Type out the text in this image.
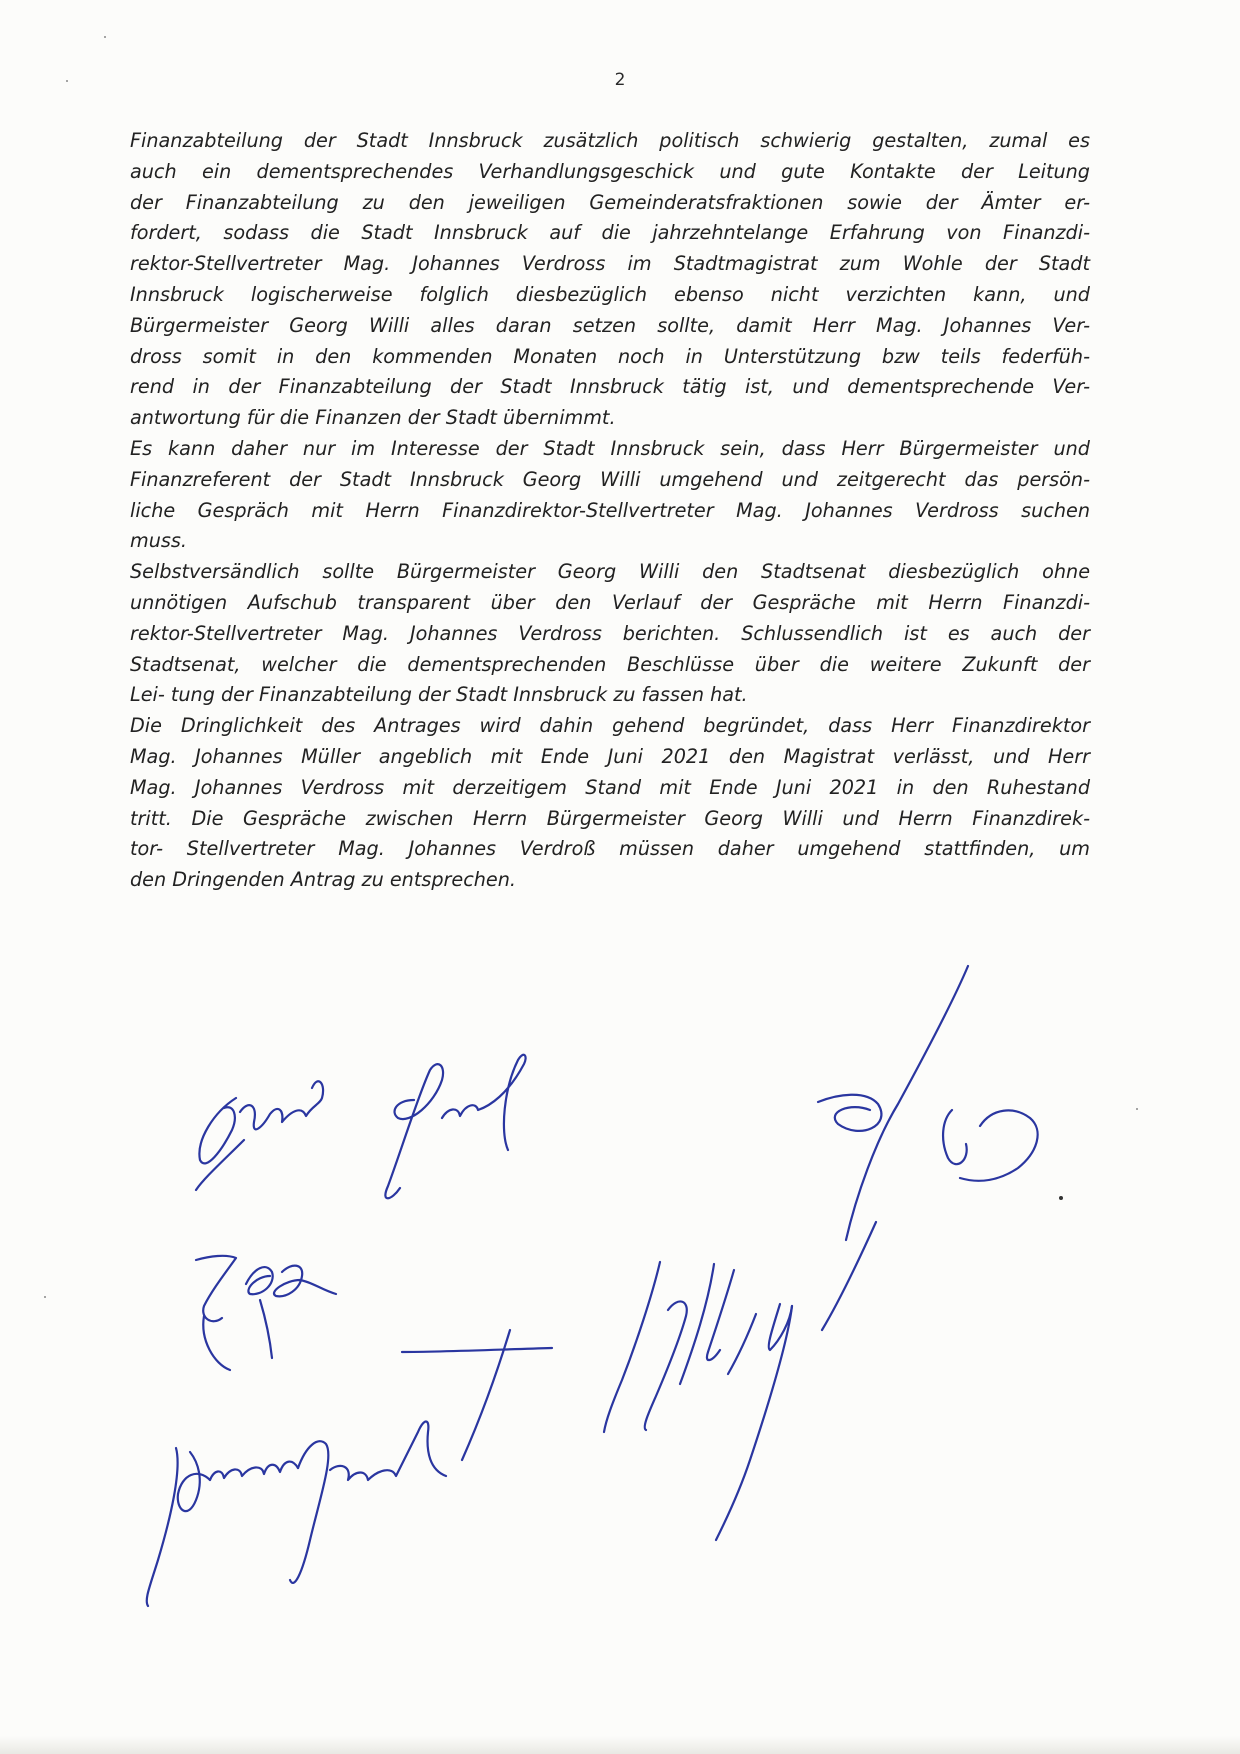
2
Finanzabteilung der Stadt Innsbruck zusätzlich politisch schwierig gestalten, zumal es
auch ein dementsprechendes Verhandlungsgeschick und gute Kontakte der Leitung
der Finanzabteilung zu den jeweiligen Gemeinderatsfraktionen sowie der Ämter er-
fordert, sodass die Stadt Innsbruck auf die jahrzehntelange Erfahrung von Finanzdi-
rektor-Stellvertreter Mag. Johannes Verdross im Stadtmagistrat zum Wohle der Stadt
Innsbruck logischerweise folglich diesbezüglich ebenso nicht verzichten kann, und
Bürgermeister Georg Willi alles daran setzen sollte, damit Herr Mag. Johannes Ver-
dross somit in den kommenden Monaten noch in Unterstützung bzw teils federfüh-
rend in der Finanzabteilung der Stadt Innsbruck tätig ist, und dementsprechende Ver-
antwortung für die Finanzen der Stadt übernimmt.
Es kann daher nur im Interesse der Stadt Innsbruck sein, dass Herr Bürgermeister und
Finanzreferent der Stadt Innsbruck Georg Willi umgehend und zeitgerecht das persön-
liche Gespräch mit Herrn Finanzdirektor-Stellvertreter Mag. Johannes Verdross suchen
muss.
Selbstversändlich sollte Bürgermeister Georg Willi den Stadtsenat diesbezüglich ohne
unnötigen Aufschub transparent über den Verlauf der Gespräche mit Herrn Finanzdi-
rektor-Stellvertreter Mag. Johannes Verdross berichten. Schlussendlich ist es auch der
Stadtsenat, welcher die dementsprechenden Beschlüsse über die weitere Zukunft der
Lei- tung der Finanzabteilung der Stadt Innsbruck zu fassen hat.
Die Dringlichkeit des Antrages wird dahin gehend begründet, dass Herr Finanzdirektor
Mag. Johannes Müller angeblich mit Ende Juni 2021 den Magistrat verlässt, und Herr
Mag. Johannes Verdross mit derzeitigem Stand mit Ende Juni 2021 in den Ruhestand
tritt. Die Gespräche zwischen Herrn Bürgermeister Georg Willi und Herrn Finanzdirek-
tor- Stellvertreter Mag. Johannes Verdroß müssen daher umgehend stattfinden, um
den Dringenden Antrag zu entsprechen.
